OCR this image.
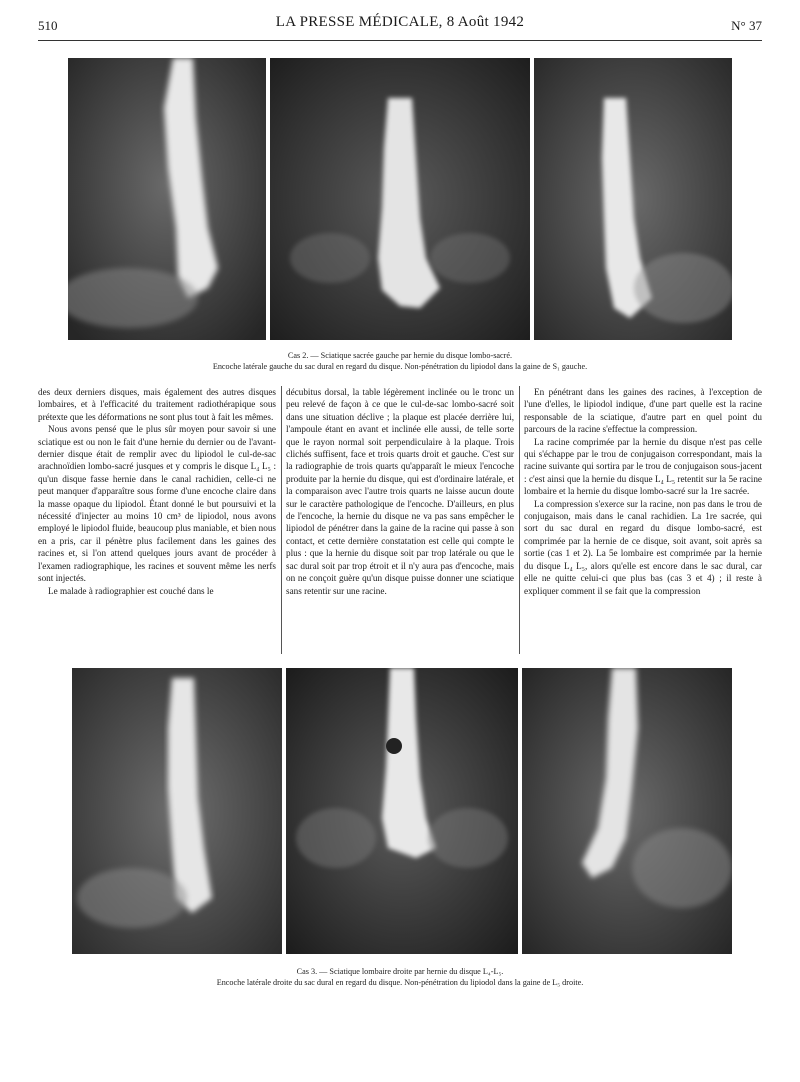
510	LA PRESSE MÉDICALE, 8 Août 1942	N° 37
Cas 2. — Sciatique sacrée gauche par hernie du disque lombo-sacré.
Encoche latérale gauche du sac dural en regard du disque. Non-pénétration du lipiodol dans la gaine de S₁ gauche.

des deux derniers disques, mais également des autres disques lombaires, et à l'efficacité du traitement radiothérapique sous prétexte que les déformations ne sont plus tout à fait les mêmes.

Nous avons pensé que le plus sûr moyen pour savoir si une sciatique est ou non le fait d'une hernie du dernier ou de l'avant-dernier disque était de remplir avec du lipiodol le cul-de-sac arachnoïdien lombo-sacré jusques et y compris le disque L₄ L₅ : qu'un disque fasse hernie dans le canal rachidien, celle-ci ne peut manquer d'apparaître sous forme d'une encoche claire dans la masse opaque du lipiodol. Étant donné le but poursuivi et la nécessité d'injecter au moins 10 cm³ de lipiodol, nous avons employé le lipiodol fluide, beaucoup plus maniable, et bien nous en a pris, car il pénètre plus facilement dans les gaines des racines et, si l'on attend quelques jours avant de procéder à l'examen radiographique, les racines et souvent même les nerfs sont injectés.

Le malade à radiographier est couché dans le

décubitus dorsal, la table légèrement inclinée ou le tronc un peu relevé de façon à ce que le cul-de-sac lombo-sacré soit dans une situation déclive ; la plaque est placée derrière lui, l'ampoule étant en avant et inclinée elle aussi, de telle sorte que le rayon normal soit perpendiculaire à la plaque. Trois clichés suffisent, face et trois quarts droit et gauche. C'est sur la radiographie de trois quarts qu'apparaît le mieux l'encoche produite par la hernie du disque, qui est d'ordinaire latérale, et la comparaison avec l'autre trois quarts ne laisse aucun doute sur le caractère pathologique de l'encoche. D'ailleurs, en plus de l'encoche, la hernie du disque ne va pas sans empêcher le lipiodol de pénétrer dans la gaine de la racine qui passe à son contact, et cette dernière constatation est celle qui compte le plus : que la hernie du disque soit par trop latérale ou que le sac dural soit par trop étroit et il n'y aura pas d'encoche, mais on ne conçoit guère qu'un disque puisse donner une sciatique sans retentir sur une racine.

En pénétrant dans les gaines des racines, à l'exception de l'une d'elles, le lipiodol indique, d'une part quelle est la racine responsable de la sciatique, d'autre part en quel point du parcours de la racine s'effectue la compression.

La racine comprimée par la hernie du disque n'est pas celle qui s'échappe par le trou de conjugaison correspondant, mais la racine suivante qui sortira par le trou de conjugaison sous-jacent : c'est ainsi que la hernie du disque L₄ L₅ retentit sur la 5e racine lombaire et la hernie du disque lombo-sacré sur la 1re sacrée.

La compression s'exerce sur la racine, non pas dans le trou de conjugaison, mais dans le canal rachidien. La 1re sacrée, qui sort du sac dural en regard du disque lombo-sacré, est comprimée par la hernie de ce disque, soit avant, soit après sa sortie (cas 1 et 2). La 5e lombaire est comprimée par la hernie du disque L₄ L₅, alors qu'elle est encore dans le sac dural, car elle ne quitte celui-ci que plus bas (cas 3 et 4) ; il reste à expliquer comment il se fait que la compression

Cas 3. — Sciatique lombaire droite par hernie du disque L₄-L₅.
Encoche latérale droite du sac dural en regard du disque. Non-pénétration du lipiodol dans la gaine de L₅ droite.
